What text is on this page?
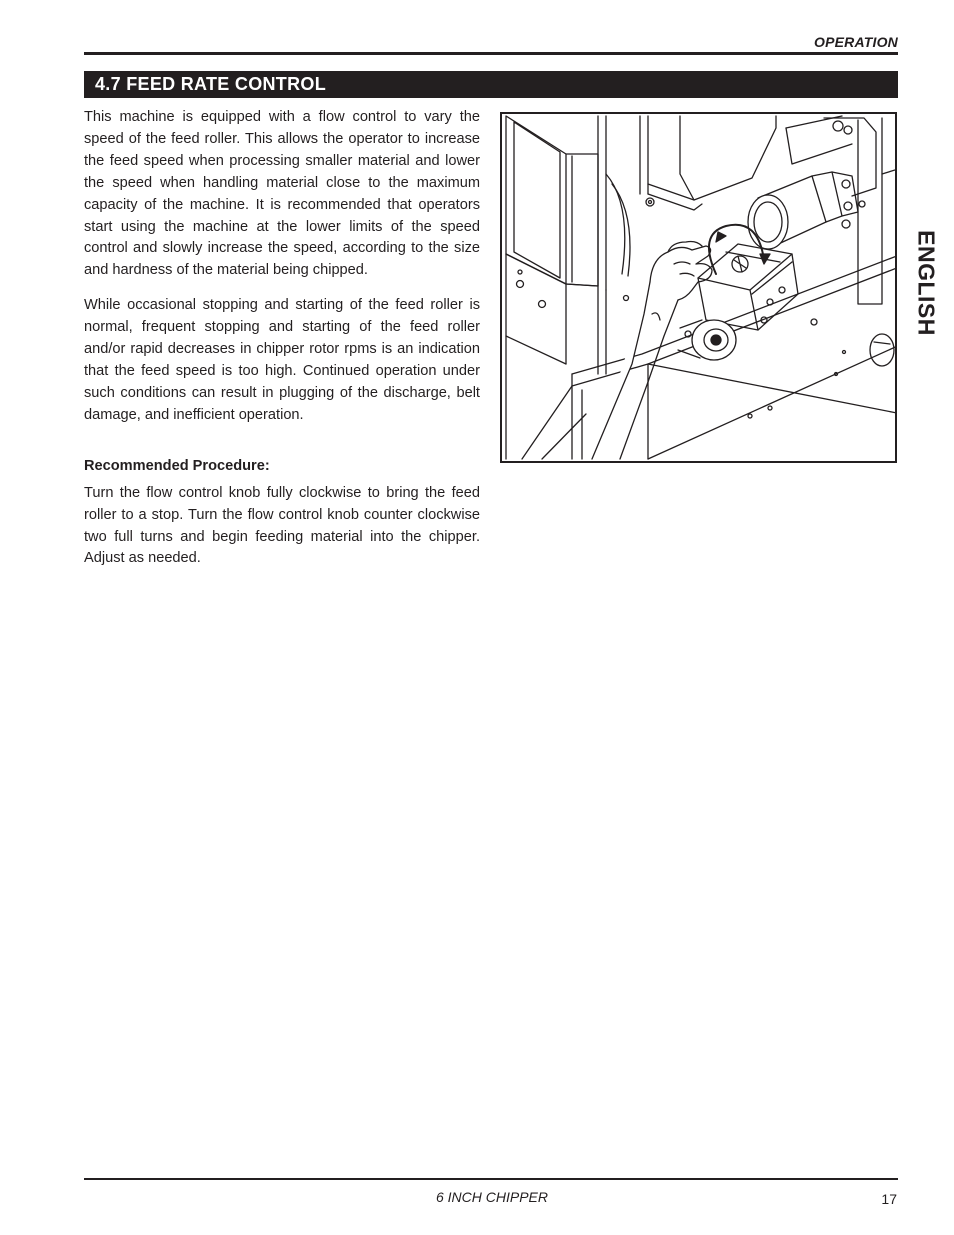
OPERATION
4.7 FEED RATE CONTROL

This machine is equipped with a flow control to vary the speed of the feed roller. This allows the operator to increase the feed speed when processing smaller material and lower the speed when handling material close to the maximum capacity of the machine. It is recommended that operators start using the machine at the lower limits of the speed control and slowly increase the speed, according to the size and hardness of the material being chipped.

While occasional stopping and starting of the feed roller is normal, frequent stopping and starting of the feed roller and/or rapid decreases in chipper rotor rpms is an indication that the feed speed is too high. Continued operation under such conditions can result in plugging of the discharge, belt damage, and inefficient operation.

Recommended Procedure:

Turn the flow control knob fully clockwise to bring the feed roller to a stop. Turn the flow control knob counter clockwise two full turns and begin feeding material into the chipper. Adjust as needed.

ENGLISH
6 INCH CHIPPER	17
